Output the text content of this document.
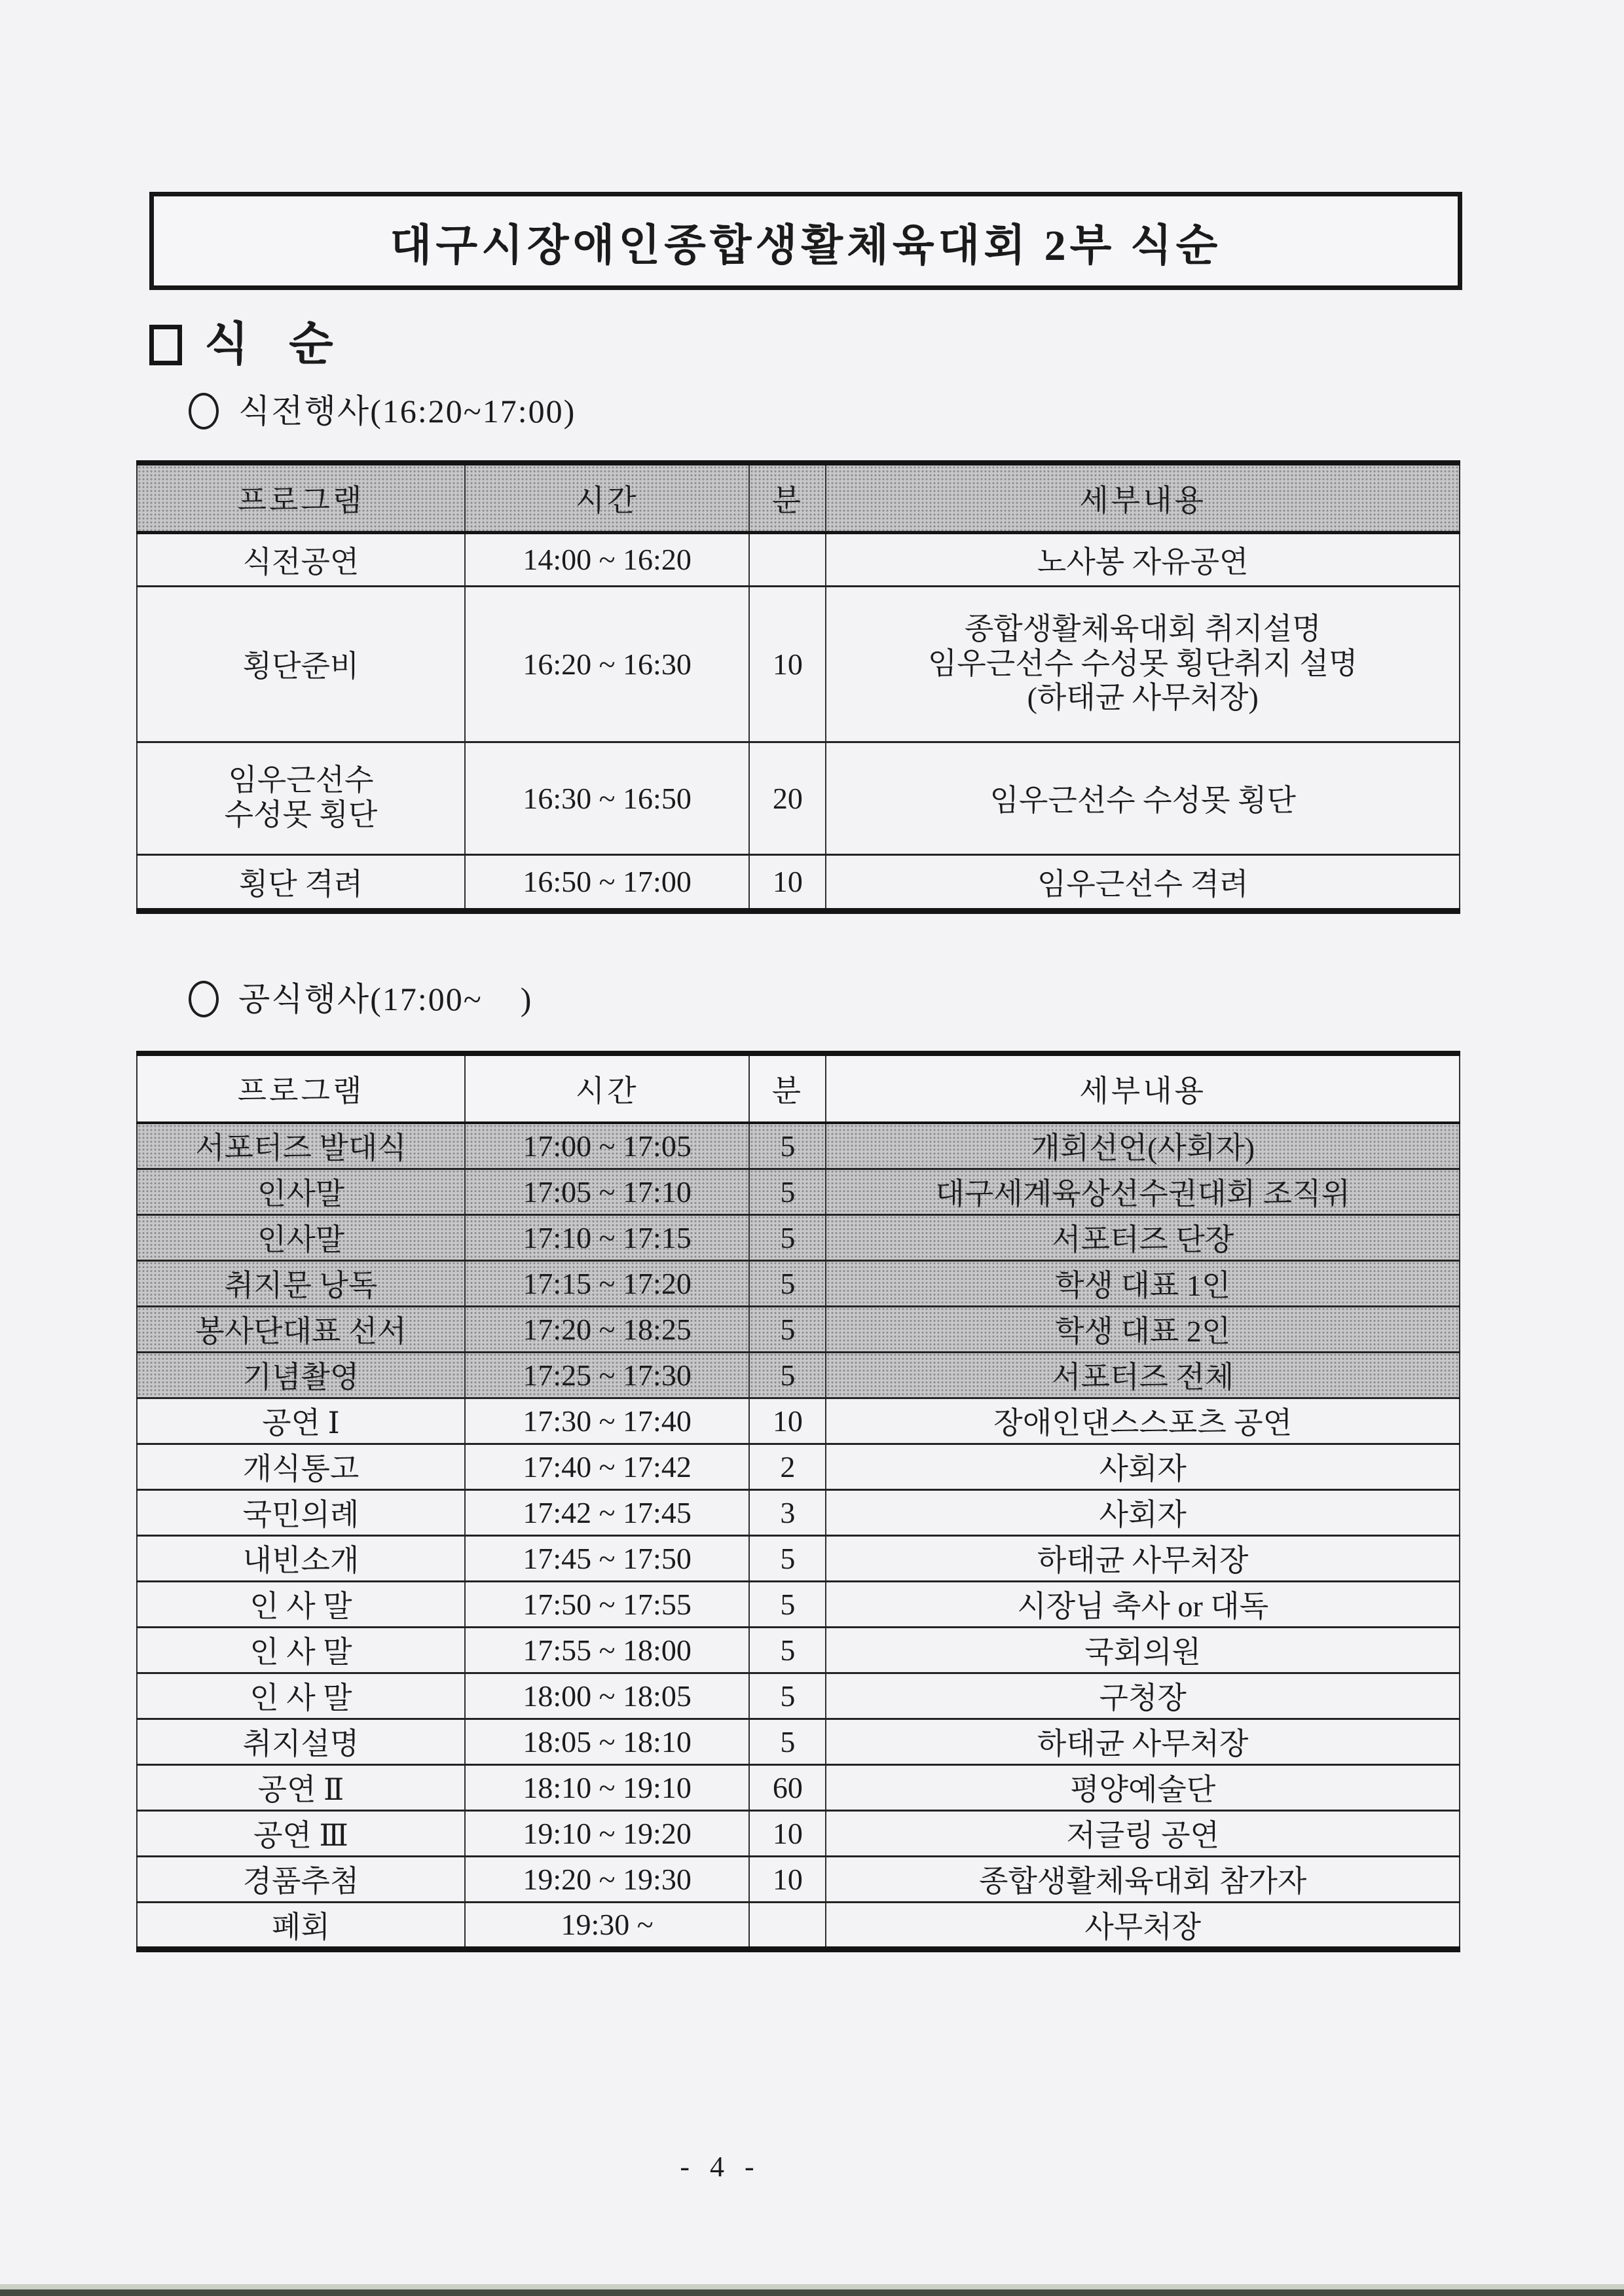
대구시장애인종합생활체육대회 2부 식순
식 순
식전행사(16:20~17:00)
프로그램	시간	분	세부내용
식전공연	14:00 ~ 16:20		노사봉 자유공연
횡단준비	16:20 ~ 16:30	10	종합생활체육대회 취지설명
임우근선수 수성못 횡단취지 설명
(하태균 사무처장)

임우근선수
수성못 횡단	16:30 ~ 16:50	20	임우근선수 수성못 횡단
횡단 격려	16:50 ~ 17:00	10	임우근선수 격려
공식행사(17:00~    )
프로그램	시간	분	세부내용
서포터즈 발대식	17:00 ~ 17:05	5	개회선언(사회자)
인사말	17:05 ~ 17:10	5	대구세계육상선수권대회 조직위
인사말	17:10 ~ 17:15	5	서포터즈 단장
취지문 낭독	17:15 ~ 17:20	5	학생 대표 1인
봉사단대표 선서	17:20 ~ 18:25	5	학생 대표 2인
기념촬영	17:25 ~ 17:30	5	서포터즈 전체
공연 Ⅰ	17:30 ~ 17:40	10	장애인댄스스포츠 공연
개식통고	17:40 ~ 17:42	2	사회자
국민의례	17:42 ~ 17:45	3	사회자
내빈소개	17:45 ~ 17:50	5	하태균 사무처장
인 사 말	17:50 ~ 17:55	5	시장님 축사 or 대독
인 사 말	17:55 ~ 18:00	5	국회의원
인 사 말	18:00 ~ 18:05	5	구청장
취지설명	18:05 ~ 18:10	5	하태균 사무처장
공연 Ⅱ	18:10 ~ 19:10	60	평양예술단
공연 Ⅲ	19:10 ~ 19:20	10	저글링 공연
경품추첨	19:20 ~ 19:30	10	종합생활체육대회 참가자
폐회	19:30 ~		사무처장
- 4 -
